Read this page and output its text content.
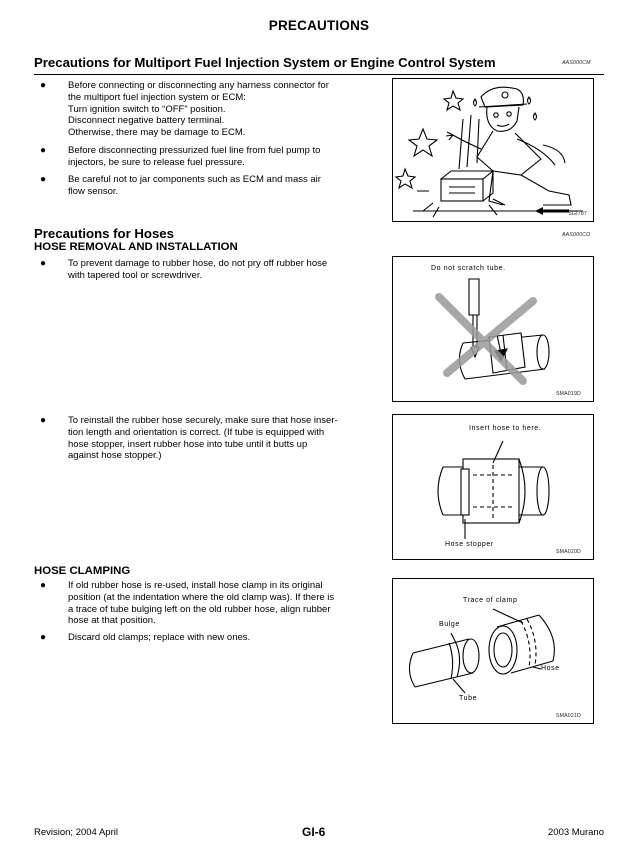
PRECAUTIONS
Precautions for Multiport Fuel Injection System or Engine Control System	AAS000CM
● Before connecting or disconnecting any harness connector for
the multiport fuel injection system or ECM:
Turn ignition switch to “OFF” position.
Disconnect negative battery terminal.
Otherwise, there may be damage to ECM.
● Before disconnecting pressurized fuel line from fuel pump to
injectors, be sure to release fuel pressure.
● Be careful not to jar components such as ECM and mass air
flow sensor.
SGI787
Precautions for Hoses	AAS000CO
HOSE REMOVAL AND INSTALLATION
● To prevent damage to rubber hose, do not pry off rubber hose
with tapered tool or screwdriver.
Do not scratch tube.
SMA019D
● To reinstall the rubber hose securely, make sure that hose inser-
tion length and orientation is correct. (If tube is equipped with
hose stopper, insert rubber hose into tube until it butts up
against hose stopper.)
Insert hose to here.
Hose stopper
SMA020D
HOSE CLAMPING
● If old rubber hose is re-used, install hose clamp in its original
position (at the indentation where the old clamp was). If there is
a trace of tube bulging left on the old rubber hose, align rubber
hose at that position.
● Discard old clamps; replace with new ones.
Trace of clamp
Bulge
Hose
Tube
SMA021D
Revision; 2004 April	GI-6	2003 Murano
